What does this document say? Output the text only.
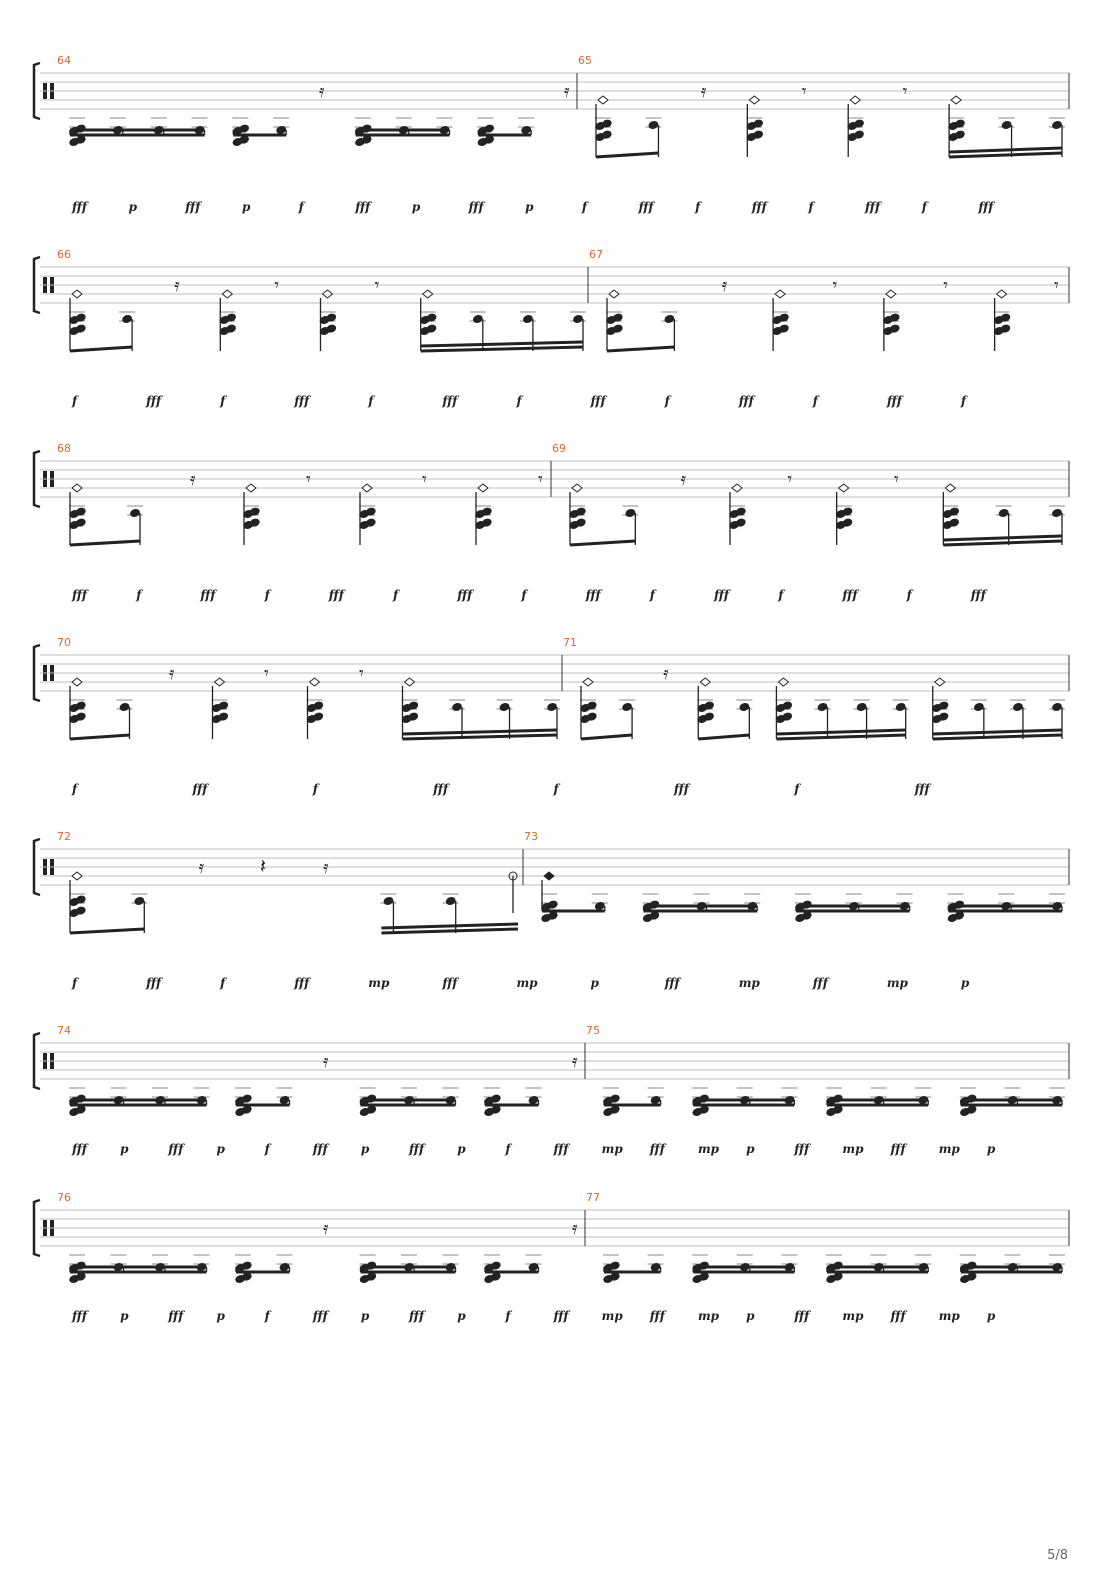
64
𝄿	𝄿
65
𝄿	𝄾	𝄾
fff	p	fff	p	f	fff	p	fff	p	f	fff	f	fff	f	fff	f	fff
66
𝄿	𝄾	𝄾
67
𝄿	𝄾	𝄾	𝄾
f	fff	f	fff	f	fff	f	fff	f	fff	f	fff	f
68
𝄿	𝄾	𝄾	𝄾
69
𝄿	𝄾	𝄾
fff	f	fff	f	fff	f	fff	f	fff	f	fff	f	fff	f	fff
70
𝄿	𝄾	𝄾
71
𝄿
f	fff	f	fff	f	fff	f	fff
72
𝄿	𝄽	𝄿
73
f	fff	f	fff	mp	fff	mp	p	fff	mp	fff	mp	p
74
𝄿	𝄿
75
fff	p	fff	p	f	fff	p	fff	p	f	fff	mp fff	mp p	fff	mp fff	mp p
76
𝄿	𝄿
77
fff	p	fff	p	f	fff	p	fff	p	f	fff	mp fff	mp p	fff	mp fff	mp p
5/8
